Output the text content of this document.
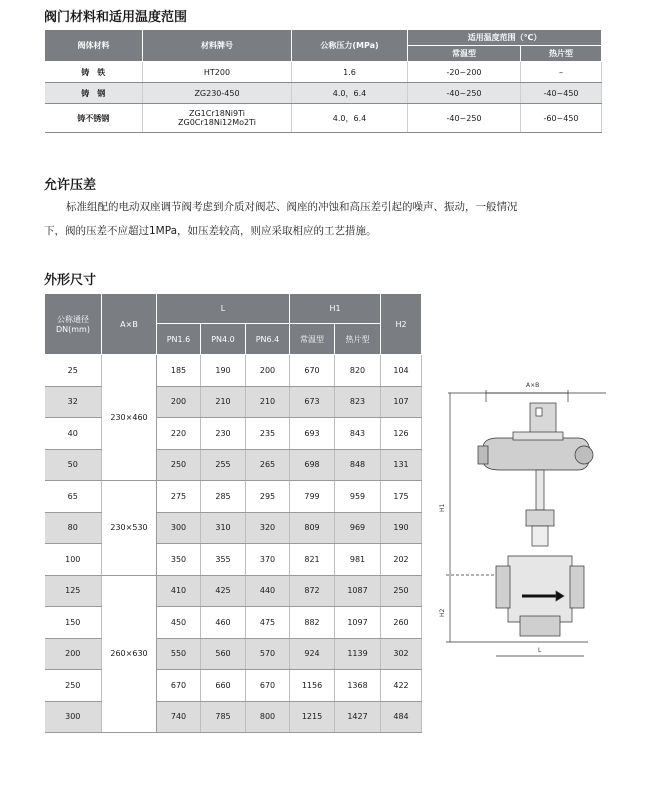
阀门材料和适用温度范围
阀体材料	材料牌号	公称压力(MPa)	适用温度范围（℃）	
			常温型	热片型
铸　铁	HT200	1.6	-20~200	–
铸　钢	ZG230-450	4.0，6.4	-40~250	-40~450
铸不锈钢	ZG1Cr18Ni9Ti
ZG0Cr18Ni12Mo2Ti	4.0，6.4	-40~250	-60~450
允许压差
标准组配的电动双座调节阀考虑到介质对阀芯、阀座的冲蚀和高压差引起的噪声、振动，一般情况
下，阀的压差不应超过1MPa，如压差较高，则应采取相应的工艺措施。
外形尺寸
公称通径
DN(mm)	A×B	L			H1		H2
		PN1.6	PN4.0	PN6.4	常温型	热片型	
25	230×460	185	190	200	670	820	104
32		200	210	210	673	823	107
40		220	230	235	693	843	126
50		250	255	265	698	848	131
65	230×530	275	285	295	799	959	175
80		300	310	320	809	969	190
100		350	355	370	821	981	202
125	260×630	410	425	440	872	1087	250
150		450	460	475	882	1097	260
200		550	560	570	924	1139	302
250		670	660	670	1156	1368	422
300		740	785	800	1215	1427	484
A×B
H1
H2
L
